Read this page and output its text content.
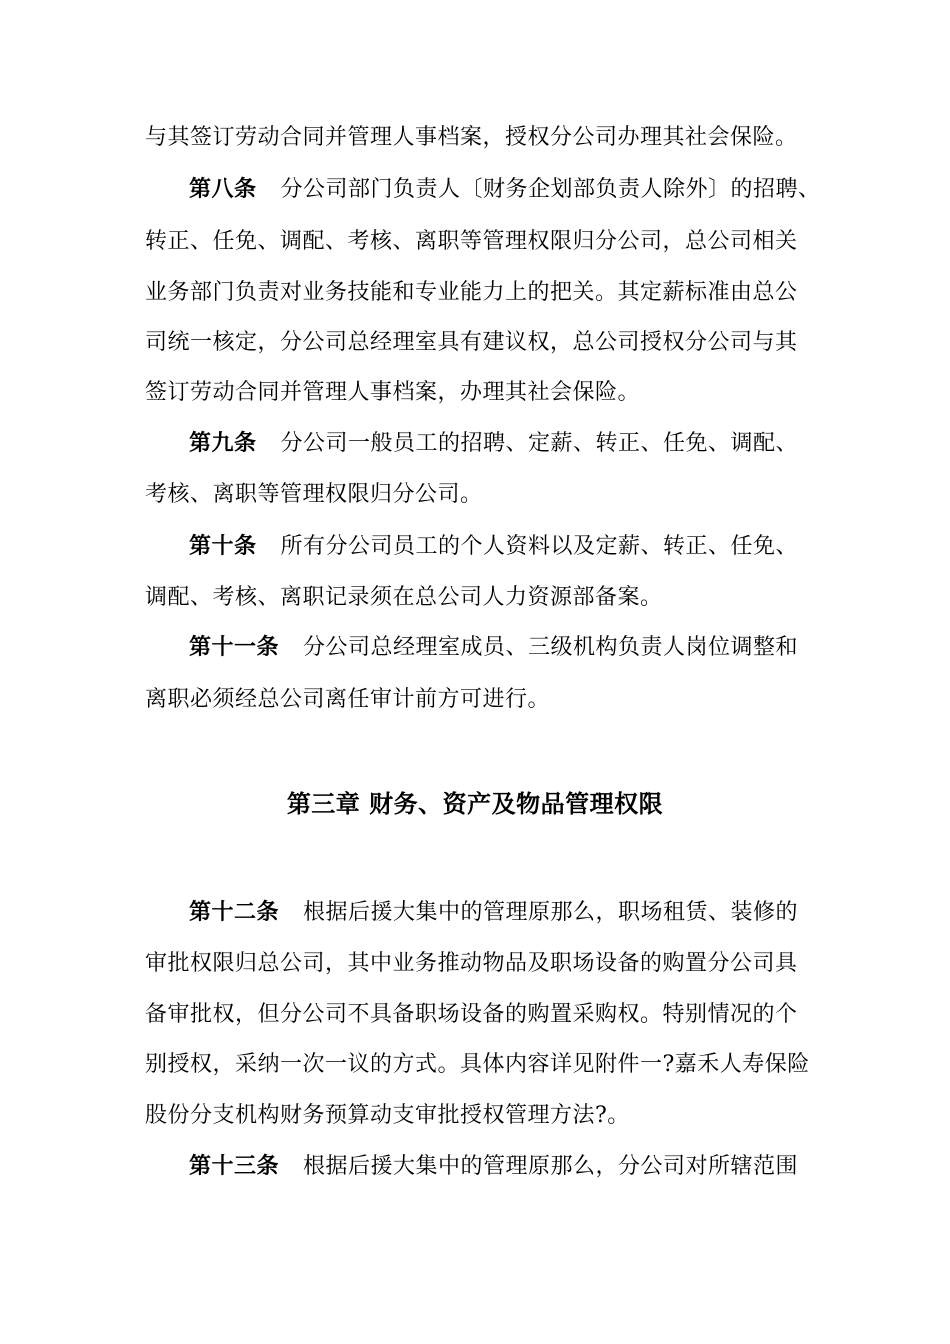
与其签订劳动合同并管理人事档案，授权分公司办理其社会保险。
第八条 分公司部门负责人〔财务企划部负责人除外〕的招聘、
转正、任免、调配、考核、离职等管理权限归分公司，总公司相关
业务部门负责对业务技能和专业能力上的把关。其定薪标准由总公
司统一核定，分公司总经理室具有建议权，总公司授权分公司与其
签订劳动合同并管理人事档案，办理其社会保险。
第九条 分公司一般员工的招聘、定薪、转正、任免、调配、
考核、离职等管理权限归分公司。
第十条 所有分公司员工的个人资料以及定薪、转正、任免、
调配、考核、离职记录须在总公司人力资源部备案。
第十一条 分公司总经理室成员、三级机构负责人岗位调整和
离职必须经总公司离任审计前方可进行。
第三章 财务、资产及物品管理权限
第十二条 根据后援大集中的管理原那么，职场租赁、装修的
审批权限归总公司，其中业务推动物品及职场设备的购置分公司具
备审批权，但分公司不具备职场设备的购置采购权。特别情况的个
别授权，采纳一次一议的方式。具体内容详见附件一?嘉禾人寿保险
股份分支机构财务预算动支审批授权管理方法?。
第十三条 根据后援大集中的管理原那么，分公司对所辖范围
